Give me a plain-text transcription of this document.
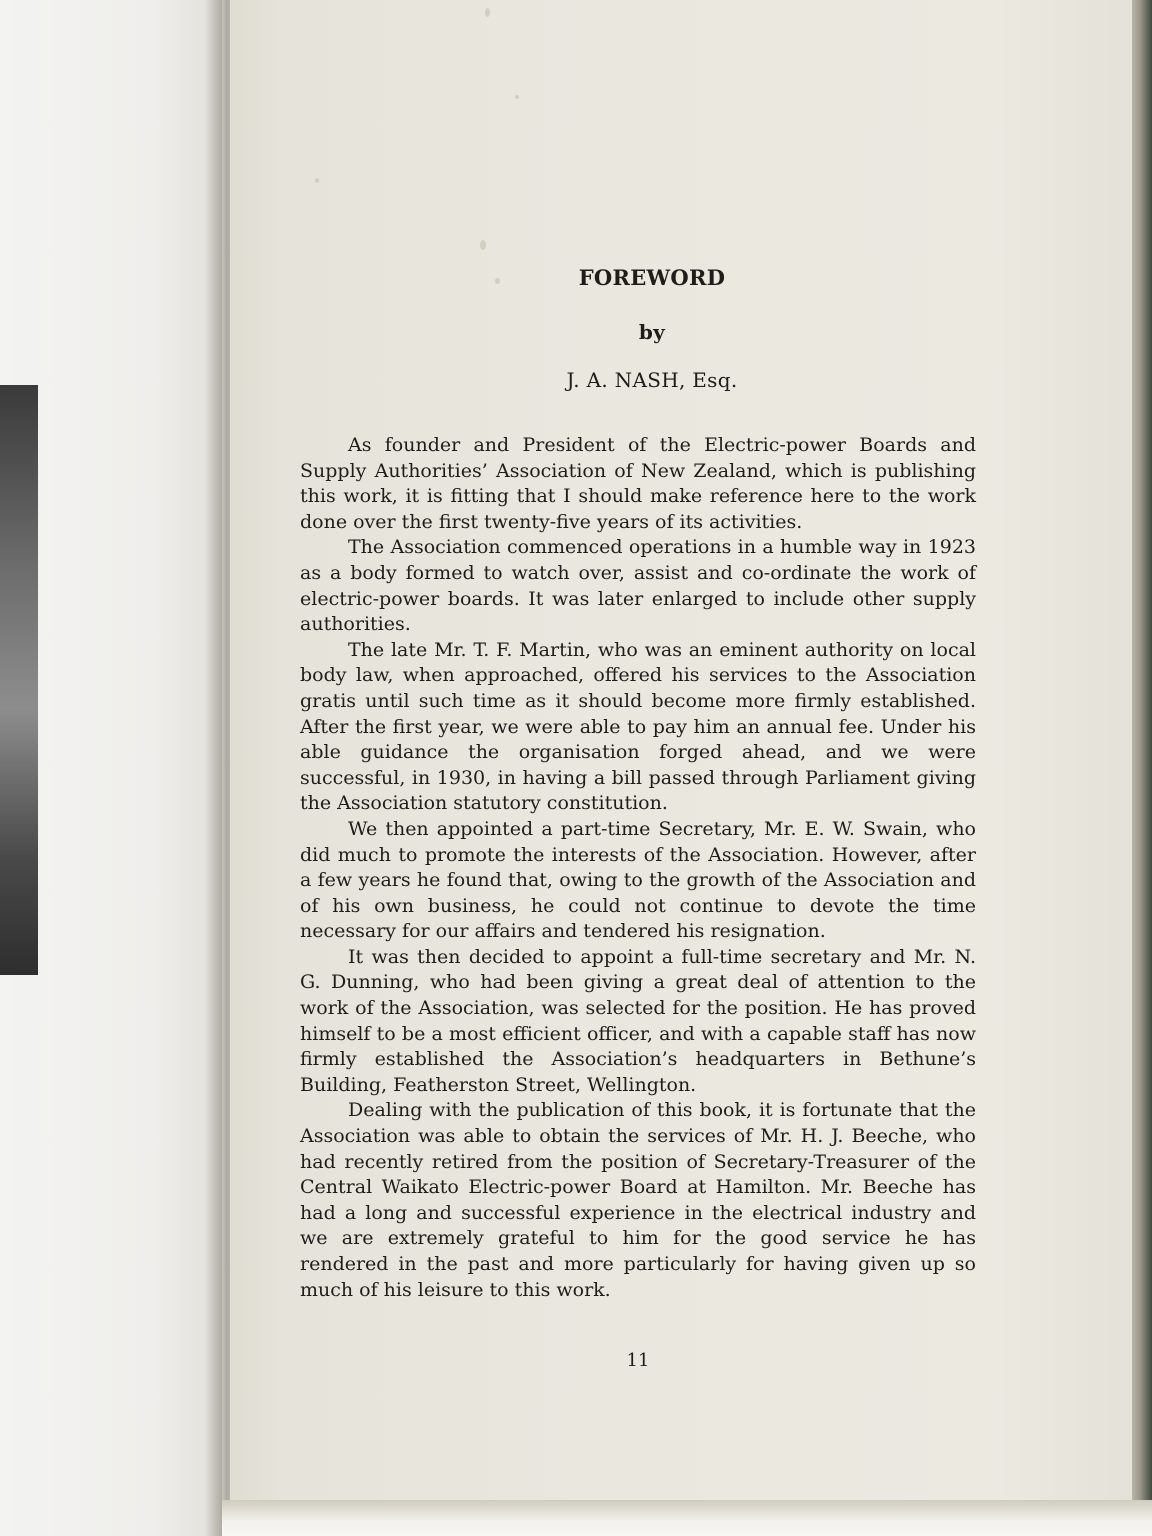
FOREWORD
by
J. A. NASH, Esq.

As founder and President of the Electric-power Boards and Supply Authorities’ Association of New Zealand, which is publishing this work, it is fitting that I should make reference here to the work done over the first twenty-five years of its activities.

The Association commenced operations in a humble way in 1923 as a body formed to watch over, assist and co-ordinate the work of electric-power boards. It was later enlarged to include other supply authorities.

The late Mr. T. F. Martin, who was an eminent authority on local body law, when approached, offered his services to the Association gratis until such time as it should become more firmly established. After the first year, we were able to pay him an annual fee. Under his able guidance the organisation forged ahead, and we were successful, in 1930, in having a bill passed through Parliament giving the Association statutory constitution.

We then appointed a part-time Secretary, Mr. E. W. Swain, who did much to promote the interests of the Association. However, after a few years he found that, owing to the growth of the Association and of his own business, he could not continue to devote the time necessary for our affairs and tendered his resignation.

It was then decided to appoint a full-time secretary and Mr. N. G. Dunning, who had been giving a great deal of attention to the work of the Association, was selected for the position. He has proved himself to be a most efficient officer, and with a capable staff has now firmly established the Association’s headquarters in Bethune’s Building, Featherston Street, Wellington.

Dealing with the publication of this book, it is fortunate that the Association was able to obtain the services of Mr. H. J. Beeche, who had recently retired from the position of Secretary-Treasurer of the Central Waikato Electric-power Board at Hamilton. Mr. Beeche has had a long and successful experience in the electrical industry and we are extremely grateful to him for the good service he has rendered in the past and more particularly for having given up so much of his leisure to this work.

11
